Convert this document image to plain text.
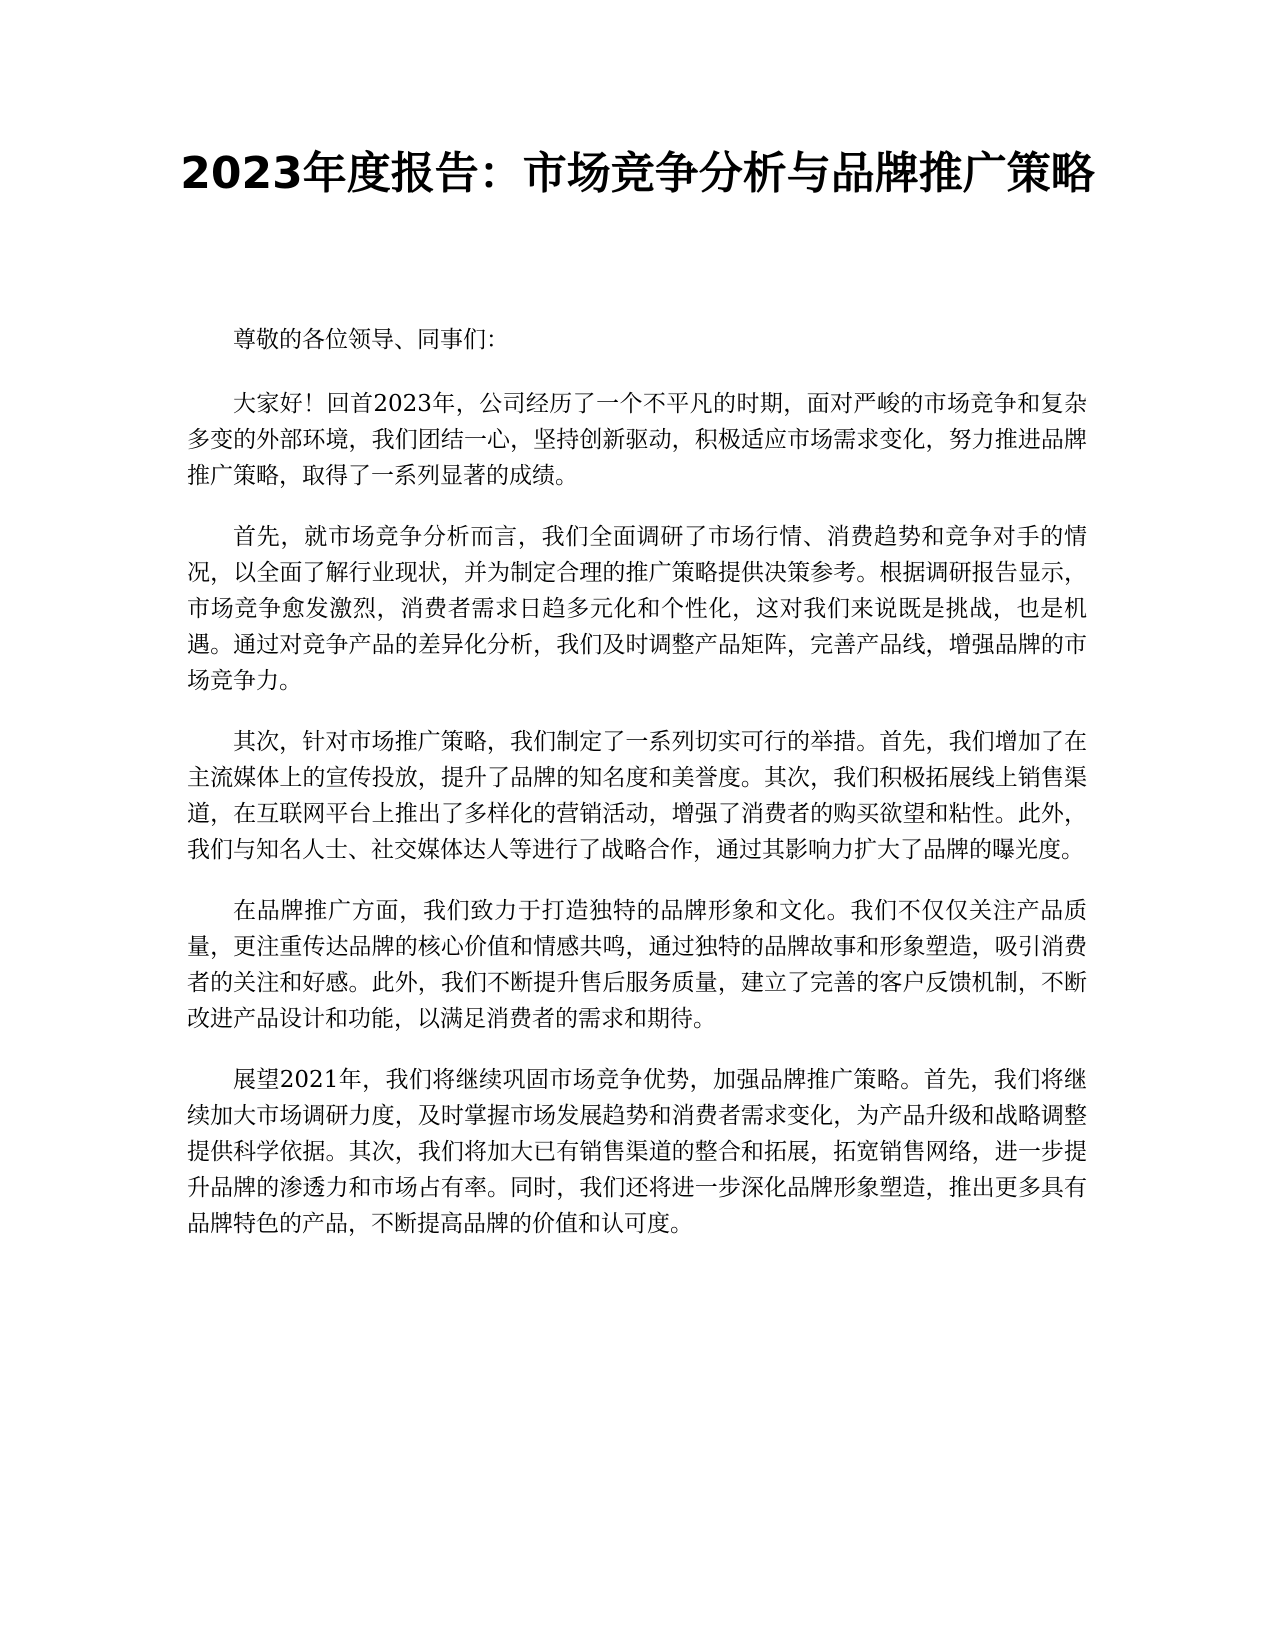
2023年度报告：市场竞争分析与品牌推广策略

尊敬的各位领导、同事们：

大家好！回首2023年，公司经历了一个不平凡的时期，面对严峻的市场竞争和复杂多变的外部环境，我们团结一心，坚持创新驱动，积极适应市场需求变化，努力推进品牌推广策略，取得了一系列显著的成绩。

首先，就市场竞争分析而言，我们全面调研了市场行情、消费趋势和竞争对手的情况，以全面了解行业现状，并为制定合理的推广策略提供决策参考。根据调研报告显示，市场竞争愈发激烈，消费者需求日趋多元化和个性化，这对我们来说既是挑战，也是机遇。通过对竞争产品的差异化分析，我们及时调整产品矩阵，完善产品线，增强品牌的市场竞争力。

其次，针对市场推广策略，我们制定了一系列切实可行的举措。首先，我们增加了在主流媒体上的宣传投放，提升了品牌的知名度和美誉度。其次，我们积极拓展线上销售渠道，在互联网平台上推出了多样化的营销活动，增强了消费者的购买欲望和粘性。此外，我们与知名人士、社交媒体达人等进行了战略合作，通过其影响力扩大了品牌的曝光度。

在品牌推广方面，我们致力于打造独特的品牌形象和文化。我们不仅仅关注产品质量，更注重传达品牌的核心价值和情感共鸣，通过独特的品牌故事和形象塑造，吸引消费者的关注和好感。此外，我们不断提升售后服务质量，建立了完善的客户反馈机制，不断改进产品设计和功能，以满足消费者的需求和期待。

展望2021年，我们将继续巩固市场竞争优势，加强品牌推广策略。首先，我们将继续加大市场调研力度，及时掌握市场发展趋势和消费者需求变化，为产品升级和战略调整提供科学依据。其次，我们将加大已有销售渠道的整合和拓展，拓宽销售网络，进一步提升品牌的渗透力和市场占有率。同时，我们还将进一步深化品牌形象塑造，推出更多具有品牌特色的产品，不断提高品牌的价值和认可度。
